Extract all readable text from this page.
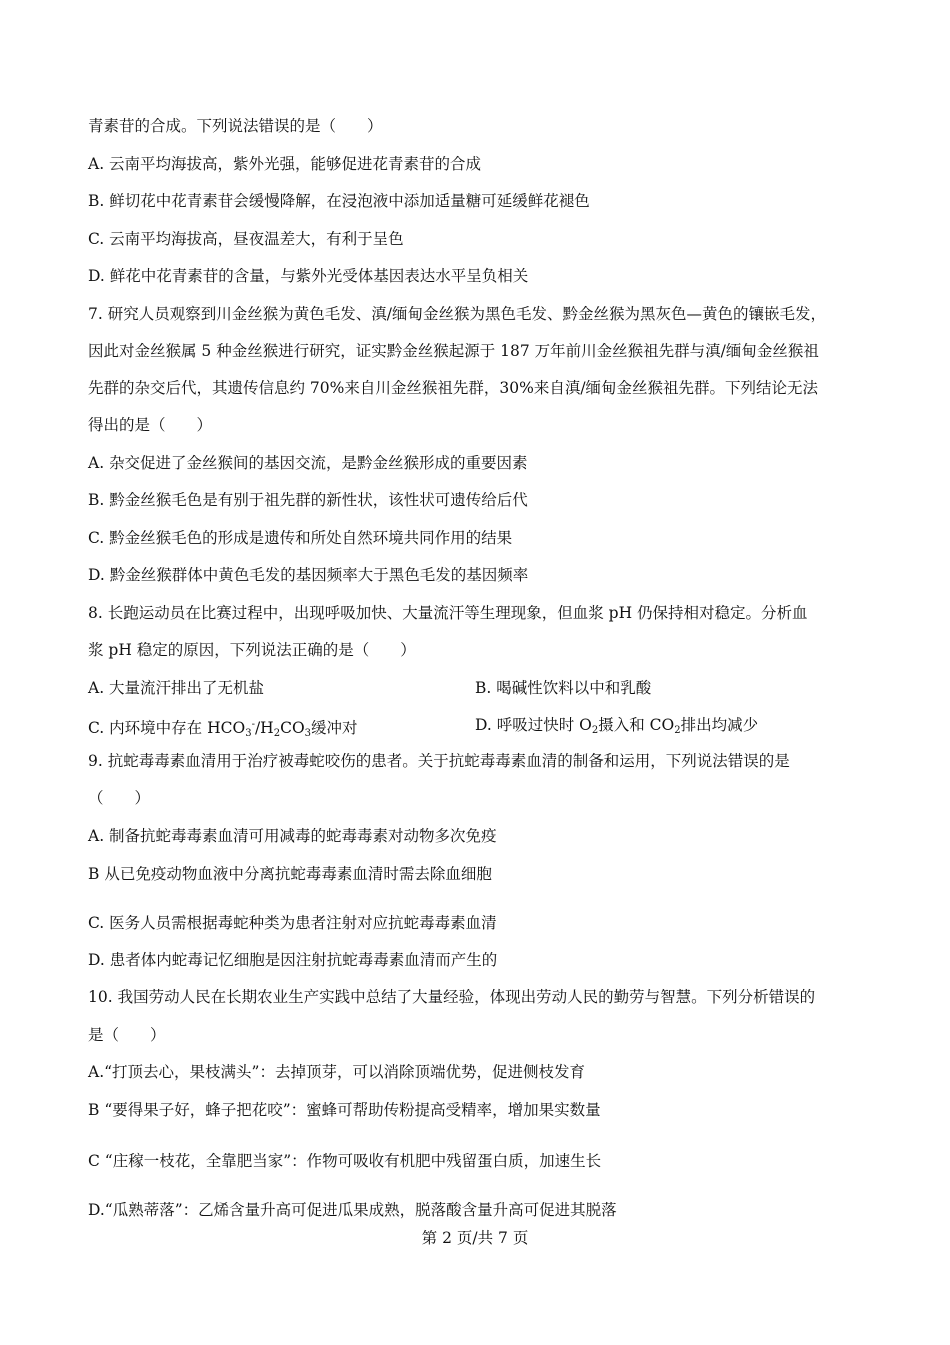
青素苷的合成。下列说法错误的是（　　）
A. 云南平均海拔高，紫外光强，能够促进花青素苷的合成
B. 鲜切花中花青素苷会缓慢降解，在浸泡液中添加适量糖可延缓鲜花褪色
C. 云南平均海拔高，昼夜温差大，有利于呈色
D. 鲜花中花青素苷的含量，与紫外光受体基因表达水平呈负相关
7. 研究人员观察到川金丝猴为黄色毛发、滇/缅甸金丝猴为黑色毛发、黔金丝猴为黑灰色—黄色的镶嵌毛发，
因此对金丝猴属 5 种金丝猴进行研究，证实黔金丝猴起源于 187 万年前川金丝猴祖先群与滇/缅甸金丝猴祖
先群的杂交后代，其遗传信息约 70%来自川金丝猴祖先群，30%来自滇/缅甸金丝猴祖先群。下列结论无法
得出的是（　　）
A. 杂交促进了金丝猴间的基因交流，是黔金丝猴形成的重要因素
B. 黔金丝猴毛色是有别于祖先群的新性状，该性状可遗传给后代
C. 黔金丝猴毛色的形成是遗传和所处自然环境共同作用的结果
D. 黔金丝猴群体中黄色毛发的基因频率大于黑色毛发的基因频率
8. 长跑运动员在比赛过程中，出现呼吸加快、大量流汗等生理现象，但血浆 pH 仍保持相对稳定。分析血
浆 pH 稳定的原因，下列说法正确的是（　　）
A. 大量流汗排出了无机盐	B. 喝碱性饮料以中和乳酸
C. 内环境中存在 $HCO_3^-/H_2CO_3$缓冲对	D. 呼吸过快时 $O_2$摄入和 $CO_2$排出均减少
9. 抗蛇毒毒素血清用于治疗被毒蛇咬伤的患者。关于抗蛇毒毒素血清的制备和运用，下列说法错误的是
（　　）
A. 制备抗蛇毒毒素血清可用减毒的蛇毒毒素对动物多次免疫
B 从已免疫动物血液中分离抗蛇毒毒素血清时需去除血细胞
C. 医务人员需根据毒蛇种类为患者注射对应抗蛇毒毒素血清
D. 患者体内蛇毒记忆细胞是因注射抗蛇毒毒素血清而产生的
10. 我国劳动人民在长期农业生产实践中总结了大量经验，体现出劳动人民的勤劳与智慧。下列分析错误的
是（　　）
A.“打顶去心，果枝满头”：去掉顶芽，可以消除顶端优势，促进侧枝发育
B “要得果子好，蜂子把花咬”：蜜蜂可帮助传粉提高受精率，增加果实数量
C “庄稼一枝花，全靠肥当家”：作物可吸收有机肥中残留蛋白质，加速生长
D.“瓜熟蒂落”：乙烯含量升高可促进瓜果成熟，脱落酸含量升高可促进其脱落
第 2 页/共 7 页
